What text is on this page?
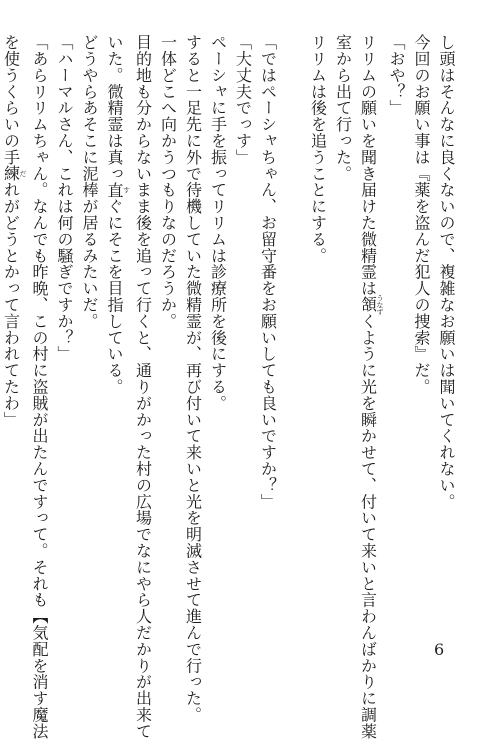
し頭はそんなに良くないので、複雑なお願いは聞いてくれない。
今回のお願い事は『薬を盗んだ犯人の捜索』だ。
「おや？」
リリムの願いを聞き届けた微精霊は頷うなずくように光を瞬かせて、付いて来いと言わんばかりに調薬
室から出て行った。
リリムは後を追うことにする。
「ではペーシャちゃん、お留守番をお願いしても良いですか？」
「大丈夫でっす」
ペーシャに手を振ってリリムは診療所を後にする。
すると一足先に外で待機していた微精霊が、再び付いて来いと光を明滅させて進んで行った。
一体どこへ向かうつもりなのだろうか。
目的地も分からないまま後を追って行くと、通りがかった村の広場でなにやら人だかりが出来て
いた。微精霊は真っ直すぐにそこを目指している。
どうやらあそこに泥棒が居るみたいだ。
「ハーマルさん、これは何の騒ぎですか？」
「あらリリムちゃん。なんでも昨晩、この村に盗賊が出たんですって。それも【気配を消す魔法
を使うくらいの手練だれがどうとかって言われてたわ」
6
